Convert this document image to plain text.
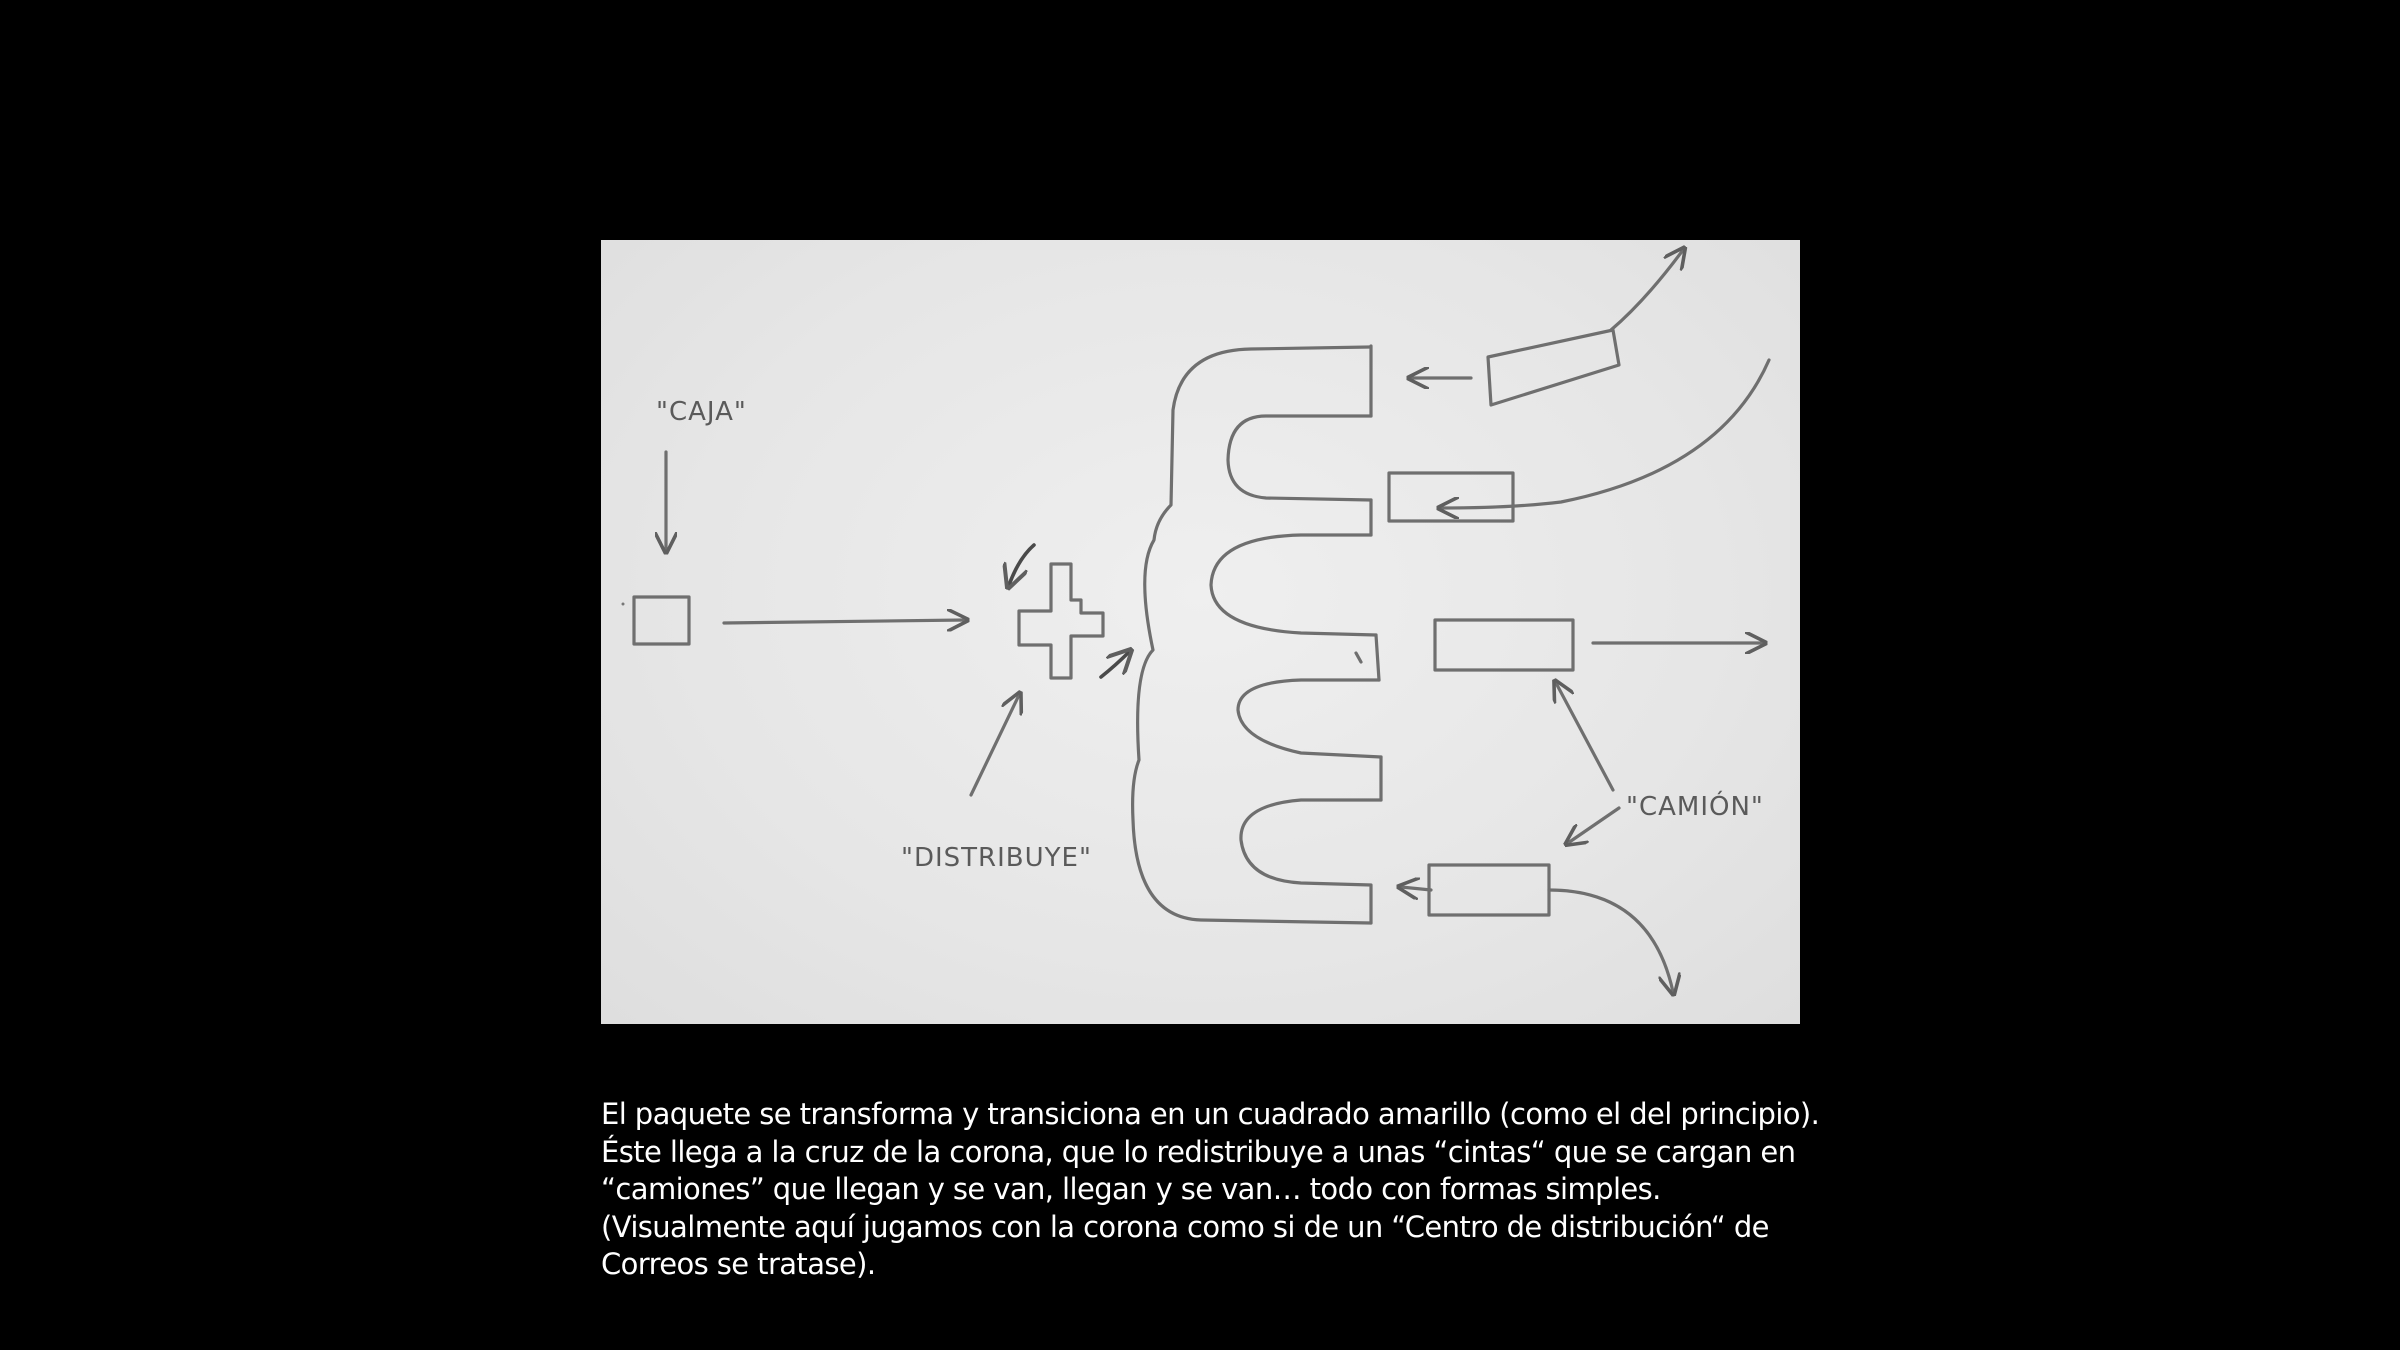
"CAJA"
"DISTRIBUYE"
"CAMIÓN"
El paquete se transforma y transiciona en un cuadrado amarillo (como el del principio).
Éste llega a la cruz de la corona, que lo redistribuye a unas “cintas“ que se cargan en
“camiones” que llegan y se van, llegan y se van… todo con formas simples.
(Visualmente aquí jugamos con la corona como si de un “Centro de distribución“ de
Correos se tratase).
